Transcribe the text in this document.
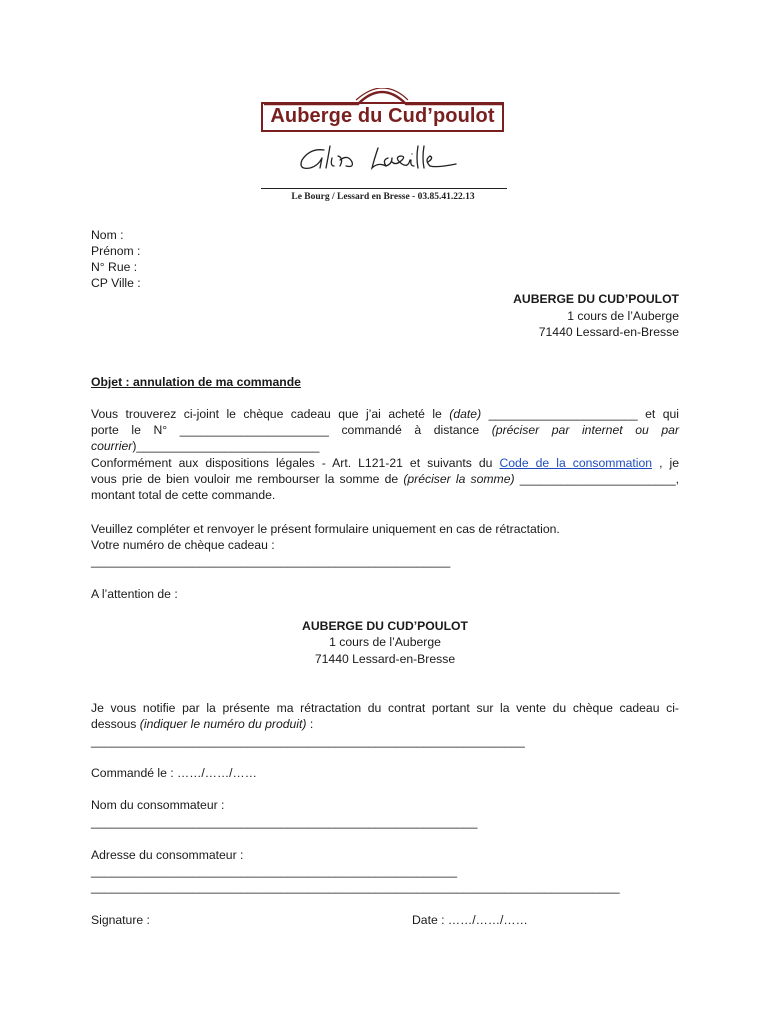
Auberge du Cud’poulot
Le Bourg / Lessard en Bresse - 03.85.41.22.13
Nom :
Prénom :
N° Rue :
CP Ville :
AUBERGE DU CUD’POULOT
1 cours de l’Auberge
71440 Lessard-en-Bresse
Objet : annulation de ma commande

Vous trouverez ci-joint le chèque cadeau que j’ai acheté le (date) ______________________ et qui

porte le N° ______________________ commandé à distance (préciser par internet ou par

courrier)___________________________

Conformément aux dispositions légales - Art. L121-21 et suivants du Code de la consommation , je

vous prie de bien vouloir me rembourser la somme de (préciser la somme) _______________________,

montant total de cette commande.

Veuillez compléter et renvoyer le présent formulaire uniquement en cas de rétractation.
Votre numéro de chèque cadeau :
_____________________________________________________
A l’attention de :
AUBERGE DU CUD’POULOT
1 cours de l’Auberge
71440 Lessard-en-Bresse

Je vous notifie par la présente ma rétractation du contrat portant sur la vente du chèque cadeau ci-

dessous (indiquer le numéro du produit) :

________________________________________________________________
Commandé le : ……/……/……
Nom du consommateur :
_________________________________________________________
Adresse du consommateur :
______________________________________________________
______________________________________________________________________________
Signature :	Date : ……/……/……
